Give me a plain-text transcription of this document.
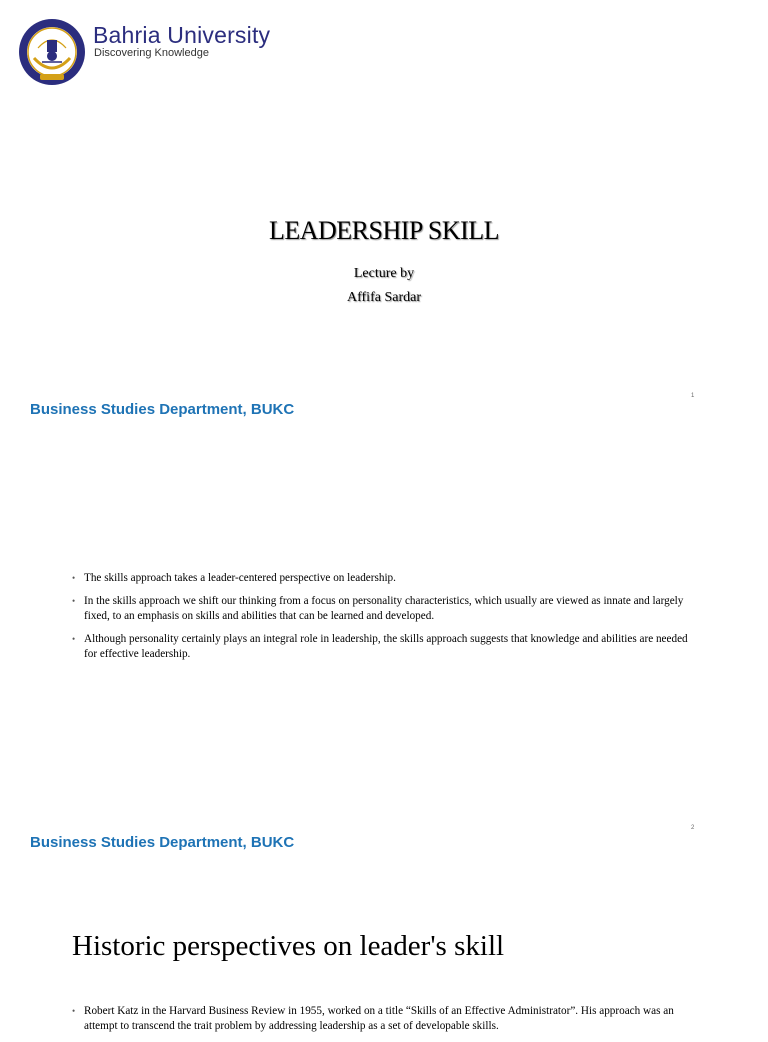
Bahria University
Discovering Knowledge
LEADERSHIP SKILL
Lecture by
Affifa Sardar
1
Business Studies Department, BUKC
• The skills approach takes a leader-centered perspective on leadership.
• In the skills approach we shift our thinking from a focus on personality characteristics, which usually are viewed as innate and largely fixed, to an emphasis on skills and abilities that can be learned and developed.
• Although personality certainly plays an integral role in leadership, the skills approach suggests that knowledge and abilities are needed for effective leadership.
2
Business Studies Department, BUKC
Historic perspectives on leader's skill
• Robert Katz in the Harvard Business Review in 1955, worked on a title “Skills of an Effective Administrator”. His approach was an attempt to transcend the trait problem by addressing leadership as a set of developable skills.
